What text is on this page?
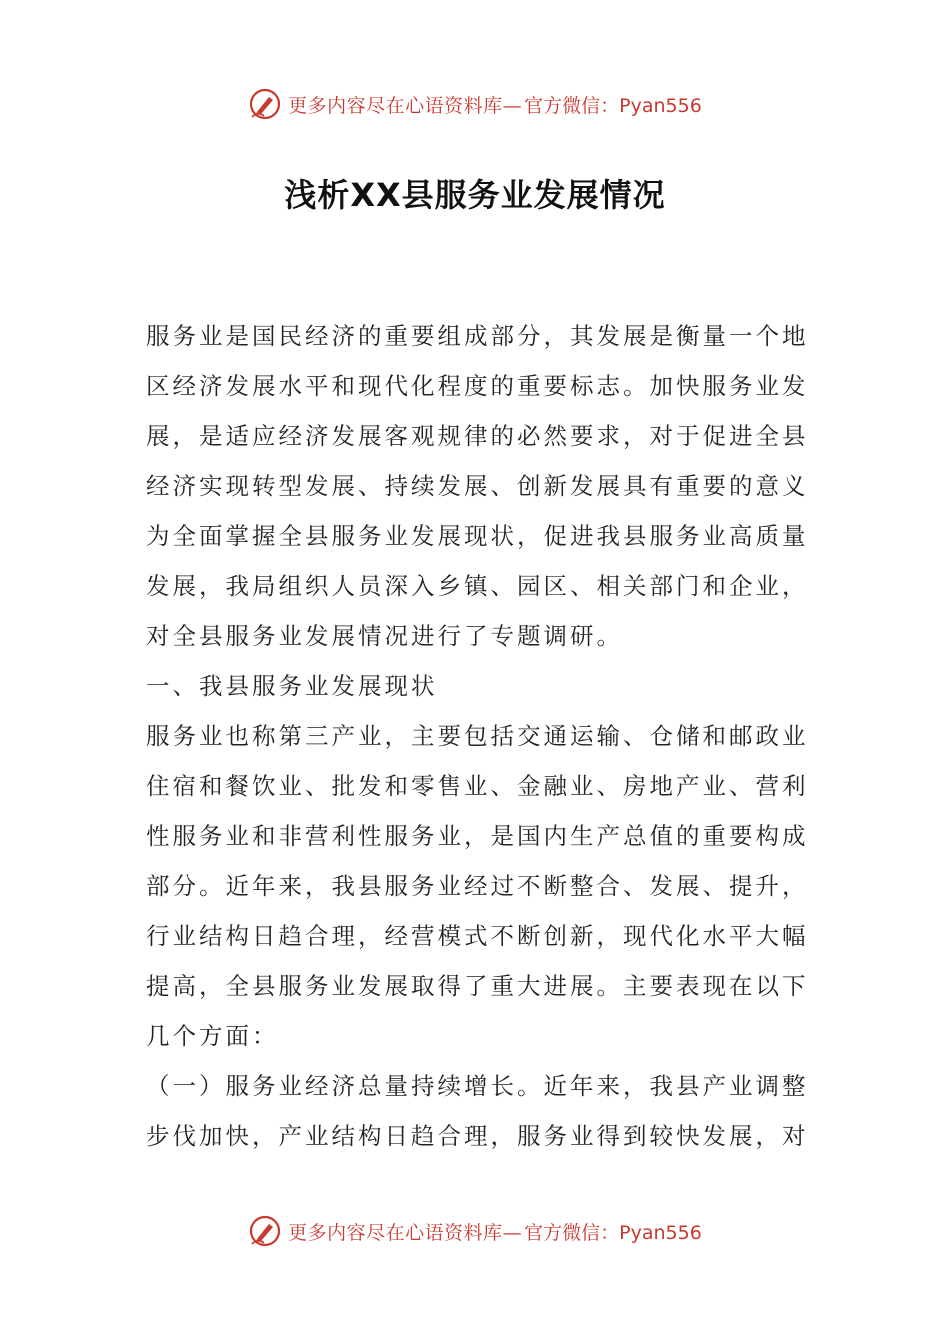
更多内容尽在心语资料库— 官方微信：Pyan556
浅析XX县服务业发展情况
服务业是国民经济的重要组成部分，其发展是衡量一个地
区经济发展水平和现代化程度的重要标志。加快服务业发
展，是适应经济发展客观规律的必然要求，对于促进全县
经济实现转型发展、持续发展、创新发展具有重要的意义
为全面掌握全县服务业发展现状，促进我县服务业高质量
发展，我局组织人员深入乡镇、园区、相关部门和企业，
对全县服务业发展情况进行了专题调研。
一、我县服务业发展现状
服务业也称第三产业，主要包括交通运输、仓储和邮政业
住宿和餐饮业、批发和零售业、金融业、房地产业、营利
性服务业和非营利性服务业，是国内生产总值的重要构成
部分。近年来，我县服务业经过不断整合、发展、提升，
行业结构日趋合理，经营模式不断创新，现代化水平大幅
提高，全县服务业发展取得了重大进展。主要表现在以下
几个方面：
（一）服务业经济总量持续增长。近年来，我县产业调整
步伐加快，产业结构日趋合理，服务业得到较快发展，对
更多内容尽在心语资料库— 官方微信：Pyan556
